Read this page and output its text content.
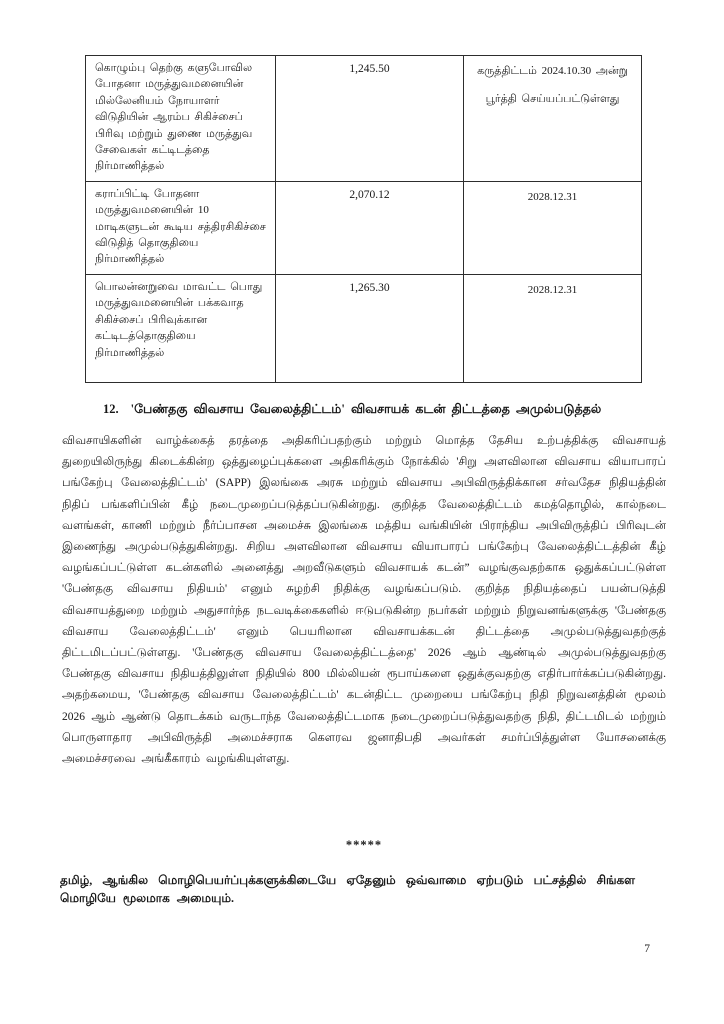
கொழும்பு தெற்கு களுபோவில போதனா மருத்துவமனையின் மில்லேனியம் நோயாளர் விடுதியின் ஆரம்ப சிகிச்சைப் பிரிவு மற்றும் துணை மருத்துவ சேவைகள் கட்டிடத்தை நிர்மாணித்தல்	1,245.50	கருத்திட்டம் 2024.10.30 அன்று பூர்த்தி செய்யப்பட்டுள்ளது
கராப்பிட்டி போதனா மருத்துவமனையின் 10 மாடிகளுடன் கூடிய சத்திரசிகிச்சை விடுதித் தொகுதியை நிர்மாணித்தல்	2,070.12	2028.12.31
பொலன்னறுவை மாவட்ட பொது மருத்துவமனையின் பக்கவாத சிகிச்சைப் பிரிவுக்கான கட்டிடத்தொகுதியை நிர்மாணித்தல்	1,265.30	2028.12.31
12. 'பேண்தகு விவசாய வேலைத்திட்டம்' விவசாயக் கடன் திட்டத்தை அமுல்படுத்தல்
விவசாயிகளின் வாழ்க்கைத் தரத்தை அதிகரிப்பதற்கும் மற்றும் மொத்த தேசிய உற்பத்திக்கு விவசாயத் துறையிலிருந்து கிடைக்கின்ற ஒத்துழைப்புக்களை அதிகரிக்கும் நோக்கில் 'சிறு அளவிலான விவசாய வியாபாரப் பங்கேற்பு வேலைத்திட்டம்' (SAPP) இலங்கை அரசு மற்றும் விவசாய அபிவிருத்திக்கான சர்வதேச நிதியத்தின் நிதிப் பங்களிப்பின் கீழ் நடைமுறைப்படுத்தப்படுகின்றது. குறித்த வேலைத்திட்டம் கமத்தொழில், கால்நடை வளங்கள், காணி மற்றும் நீர்ப்பாசன அமைச்சு இலங்கை மத்திய வங்கியின் பிராந்திய அபிவிருத்திப் பிரிவுடன் இணைந்து அமுல்படுத்துகின்றது. சிறிய அளவிலான விவசாய வியாபாரப் பங்கேற்பு வேலைத்திட்டத்தின் கீழ் வழங்கப்பட்டுள்ள கடன்களில் அனைத்து அறவீடுகளும் விவசாயக் கடன்” வழங்குவதற்காக ஒதுக்கப்பட்டுள்ள 'பேண்தகு விவசாய நிதியம்' எனும் சுழற்சி நிதிக்கு வழங்கப்படும். குறித்த நிதியத்தைப் பயன்படுத்தி விவசாயத்துறை மற்றும் அதுசார்ந்த நடவடிக்கைகளில் ஈடுபடுகின்ற நபர்கள் மற்றும் நிறுவனங்களுக்கு 'பேண்தகு விவசாய வேலைத்திட்டம்' எனும் பெயரிலான விவசாயக்கடன் திட்டத்தை அமுல்படுத்துவதற்குத் திட்டமிடப்பட்டுள்ளது. 'பேண்தகு விவசாய வேலைத்திட்டத்தை' 2026 ஆம் ஆண்டில் அமுல்படுத்துவதற்கு பேண்தகு விவசாய நிதியத்திலுள்ள நிதியில் 800 மில்லியன் ரூபாய்களை ஒதுக்குவதற்கு எதிர்பார்க்கப்படுகின்றது. அதற்கமைய, 'பேண்தகு விவசாய வேலைத்திட்டம்' கடன்திட்ட முறையை பங்கேற்பு நிதி நிறுவனத்தின் மூலம் 2026 ஆம் ஆண்டு தொடக்கம் வருடாந்த வேலைத்திட்டமாக நடைமுறைப்படுத்துவதற்கு நிதி, திட்டமிடல் மற்றும் பொருளாதார அபிவிருத்தி அமைச்சராக கௌரவ ஜனாதிபதி அவர்கள் சமர்ப்பித்துள்ள யோசனைக்கு அமைச்சரவை அங்கீகாரம் வழங்கியுள்ளது.
*****
தமிழ், ஆங்கில மொழிபெயர்ப்புக்களுக்கிடையே ஏதேனும் ஒவ்வாமை ஏற்படும் பட்சத்தில் சிங்கள மொழியே மூலமாக அமையும்.
7
